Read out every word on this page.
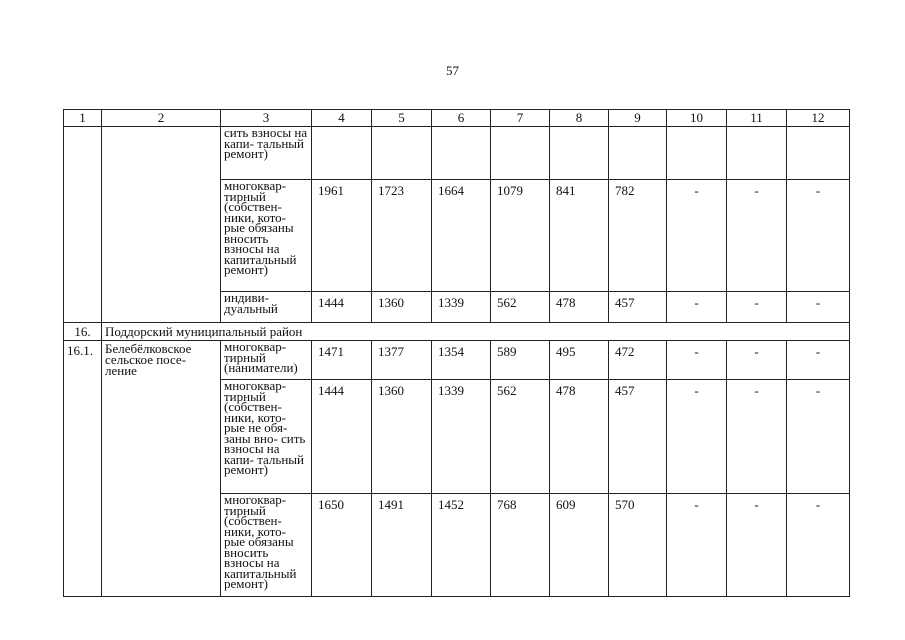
57
1	2	3	4	5	6	7	8	9	10	11	12
		сить взносы на капи- тальный ремонт)									
		многоквар- тирный (собствен- ники, кото- рые обязаны вносить взносы на капитальный ремонт)	1961	1723	1664	1079	841	782	-	-	-
		индиви- дуальный	1444	1360	1339	562	478	457	-	-	-
16.	Поддорский муниципальный район										
16.1.	Белебёлковское сельское посе- ление	многоквар- тирный (наниматели)	1471	1377	1354	589	495	472	-	-	-
		многоквар- тирный (собствен- ники, кото- рые не обя- заны вно- сить взносы на капи- тальный ремонт)	1444	1360	1339	562	478	457	-	-	-
		многоквар- тирный (собствен- ники, кото- рые обязаны вносить взносы на капитальный ремонт)	1650	1491	1452	768	609	570	-	-	-
